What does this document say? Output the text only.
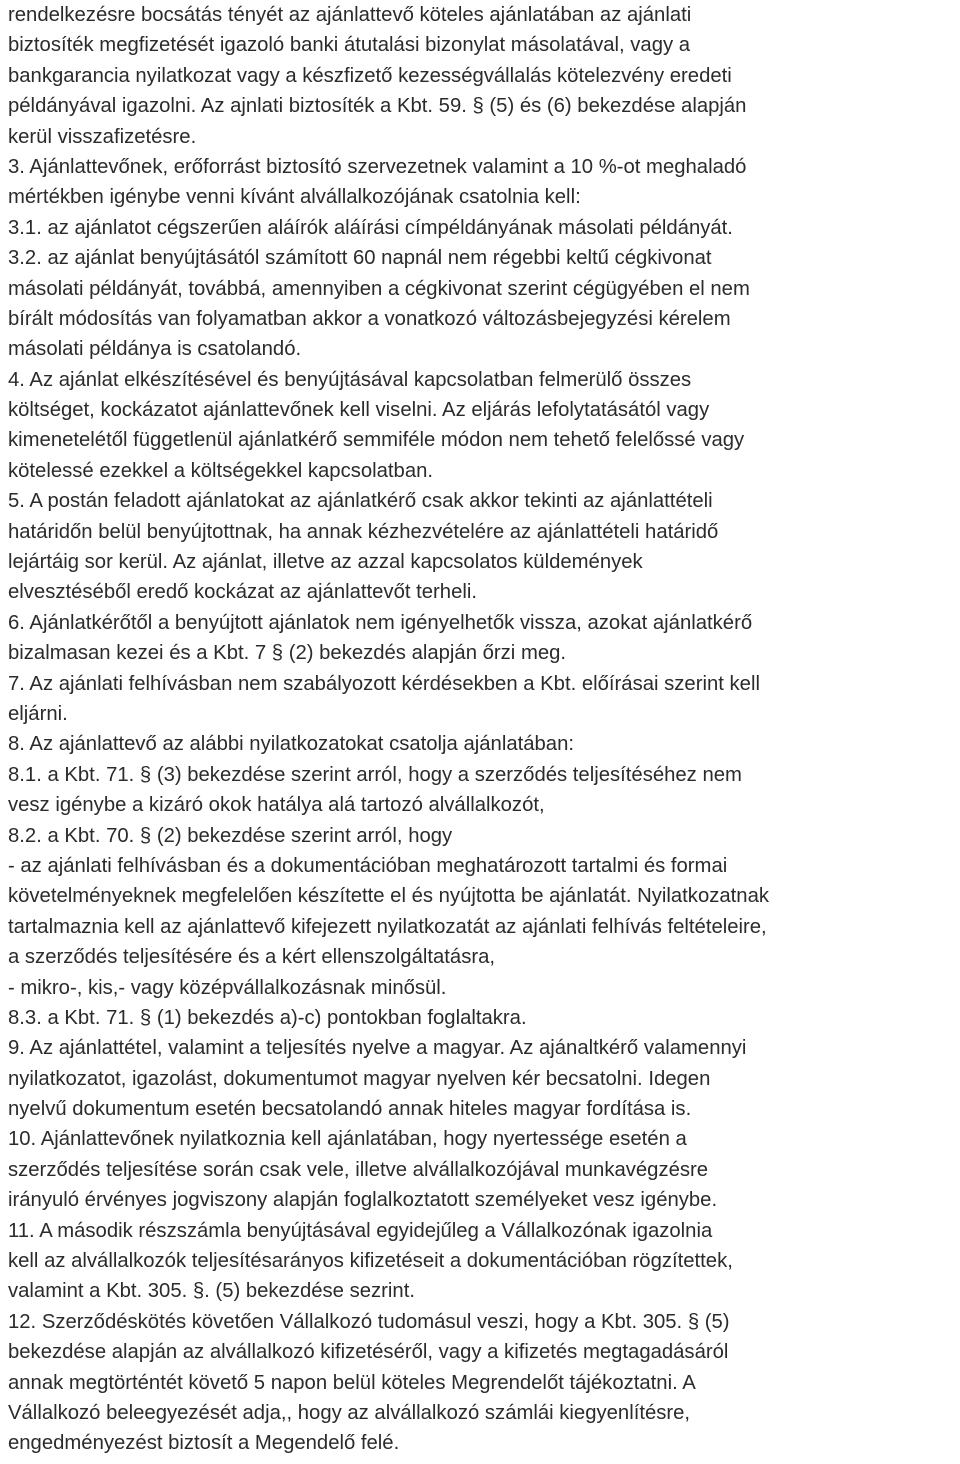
rendelkezésre bocsátás tényét az ajánlattevő köteles ajánlatában az ajánlati
biztosíték megfizetését igazoló banki átutalási bizonylat másolatával, vagy a
bankgarancia nyilatkozat vagy a készfizető kezességvállalás kötelezvény eredeti
példányával igazolni. Az ajnlati biztosíték a Kbt. 59. § (5) és (6) bekezdése alapján
kerül visszafizetésre.
3. Ajánlattevőnek, erőforrást biztosító szervezetnek valamint a 10 %-ot meghaladó
mértékben igénybe venni kívánt alvállalkozójának csatolnia kell:
3.1. az ajánlatot cégszerűen aláírók aláírási címpéldányának másolati példányát.
3.2. az ajánlat benyújtásától számított 60 napnál nem régebbi keltű cégkivonat
másolati példányát, továbbá, amennyiben a cégkivonat szerint cégügyében el nem
bírált módosítás van folyamatban akkor a vonatkozó változásbejegyzési kérelem
másolati példánya is csatolandó.
4. Az ajánlat elkészítésével és benyújtásával kapcsolatban felmerülő összes
költséget, kockázatot ajánlattevőnek kell viselni. Az eljárás lefolytatásától vagy
kimenetelétől függetlenül ajánlatkérő semmiféle módon nem tehető felelőssé vagy
kötelessé ezekkel a költségekkel kapcsolatban.
5. A postán feladott ajánlatokat az ajánlatkérő csak akkor tekinti az ajánlattételi
határidőn belül benyújtottnak, ha annak kézhezvételére az ajánlattételi határidő
lejártáig sor kerül. Az ajánlat, illetve az azzal kapcsolatos küldemények
elvesztéséből eredő kockázat az ajánlattevőt terheli.
6. Ajánlatkérőtől a benyújtott ajánlatok nem igényelhetők vissza, azokat ajánlatkérő
bizalmasan kezei és a Kbt. 7 § (2) bekezdés alapján őrzi meg.
7. Az ajánlati felhívásban nem szabályozott kérdésekben a Kbt. előírásai szerint kell
eljárni.
8. Az ajánlattevő az alábbi nyilatkozatokat csatolja ajánlatában:
8.1. a Kbt. 71. § (3) bekezdése szerint arról, hogy a szerződés teljesítéséhez nem
vesz igénybe a kizáró okok hatálya alá tartozó alvállalkozót,
8.2. a Kbt. 70. § (2) bekezdése szerint arról, hogy
- az ajánlati felhívásban és a dokumentációban meghatározott tartalmi és formai
követelményeknek megfelelően készítette el és nyújtotta be ajánlatát. Nyilatkozatnak
tartalmaznia kell az ajánlattevő kifejezett nyilatkozatát az ajánlati felhívás feltételeire,
a szerződés teljesítésére és a kért ellenszolgáltatásra,
- mikro-, kis,- vagy középvállalkozásnak minősül.
8.3. a Kbt. 71. § (1) bekezdés a)-c) pontokban foglaltakra.
9. Az ajánlattétel, valamint a teljesítés nyelve a magyar. Az ajánaltkérő valamennyi
nyilatkozatot, igazolást, dokumentumot magyar nyelven kér becsatolni. Idegen
nyelvű dokumentum esetén becsatolandó annak hiteles magyar fordítása is.
10. Ajánlattevőnek nyilatkoznia kell ajánlatában, hogy nyertessége esetén a
szerződés teljesítése során csak vele, illetve alvállalkozójával munkavégzésre
irányuló érvényes jogviszony alapján foglalkoztatott személyeket vesz igénybe.
11. A második részszámla benyújtásával egyidejűleg a Vállalkozónak igazolnia
kell az alvállalkozók teljesítésarányos kifizetéseit a dokumentációban rögzítettek,
valamint a Kbt. 305. §. (5) bekezdése sezrint.
12. Szerződéskötés követően Vállalkozó tudomásul veszi, hogy a Kbt. 305. § (5)
bekezdése alapján az alvállalkozó kifizetéséről, vagy a kifizetés megtagadásáról
annak megtörténtét követő 5 napon belül köteles Megrendelőt tájékoztatni. A
Vállalkozó beleegyezését adja,, hogy az alvállalkozó számlái kiegyenlítésre,
engedményezést biztosít a Megendelő felé.
